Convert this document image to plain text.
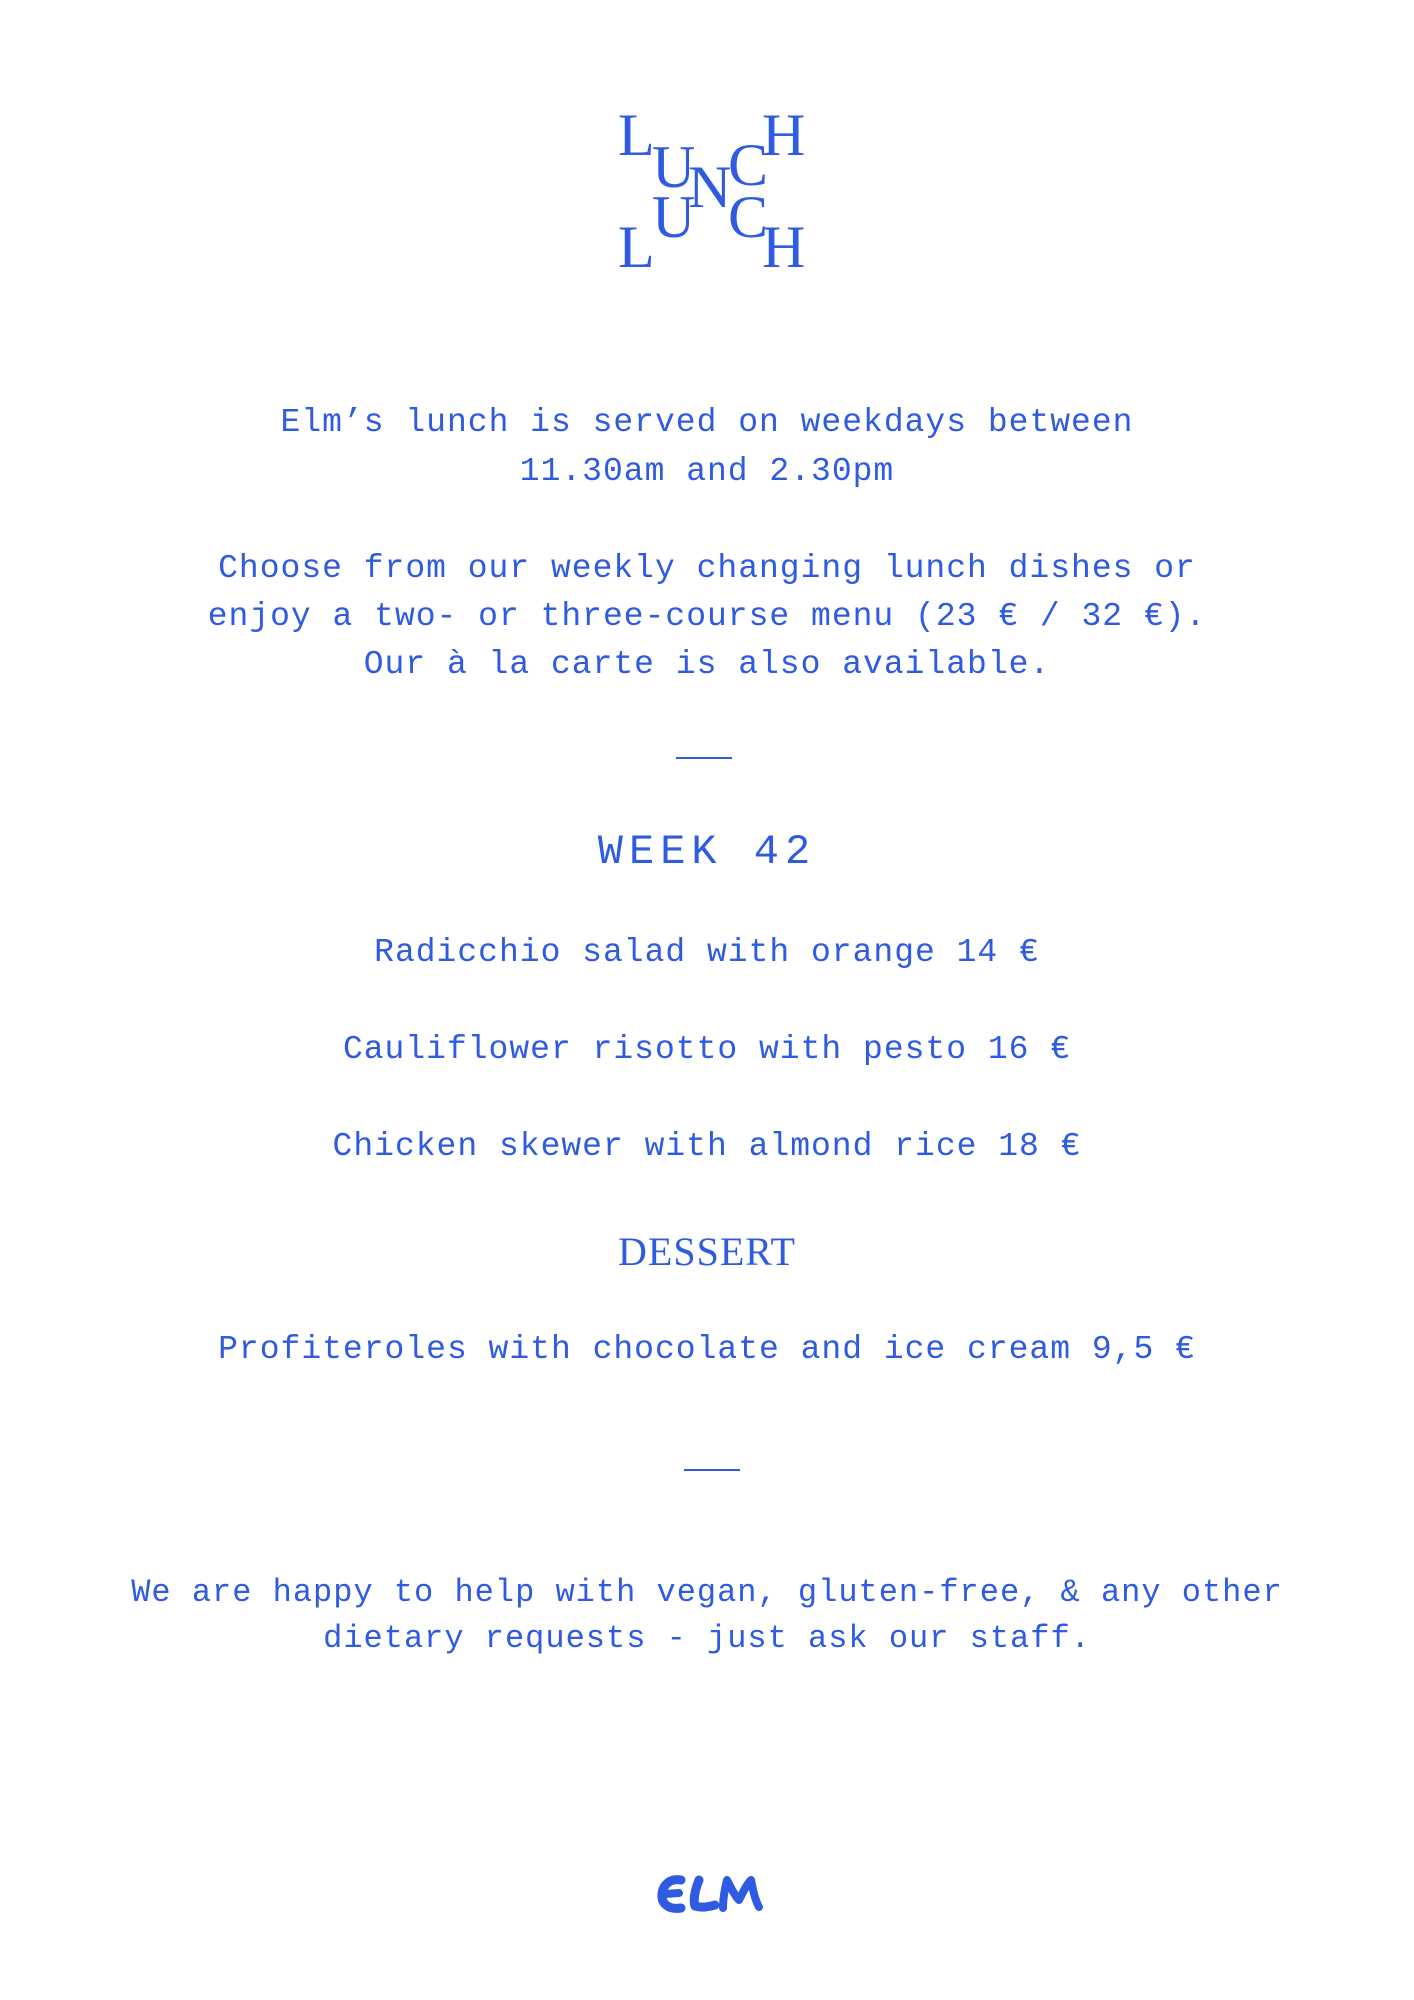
L
U
N
C
H
L
U C
H

Elm’s lunch is served on weekdays between

11.30am and 2.30pm

Choose from our weekly changing lunch dishes or

enjoy a two- or three-course menu (23 € / 32 €).

Our à la carte is also available.

WEEK 42

Radicchio salad with orange 14 €

Cauliflower risotto with pesto 16 €

Chicken skewer with almond rice 18 €

DESSERT

Profiteroles with chocolate and ice cream 9,5 €

We are happy to help with vegan, gluten-free, & any other

dietary requests - just ask our staff.
